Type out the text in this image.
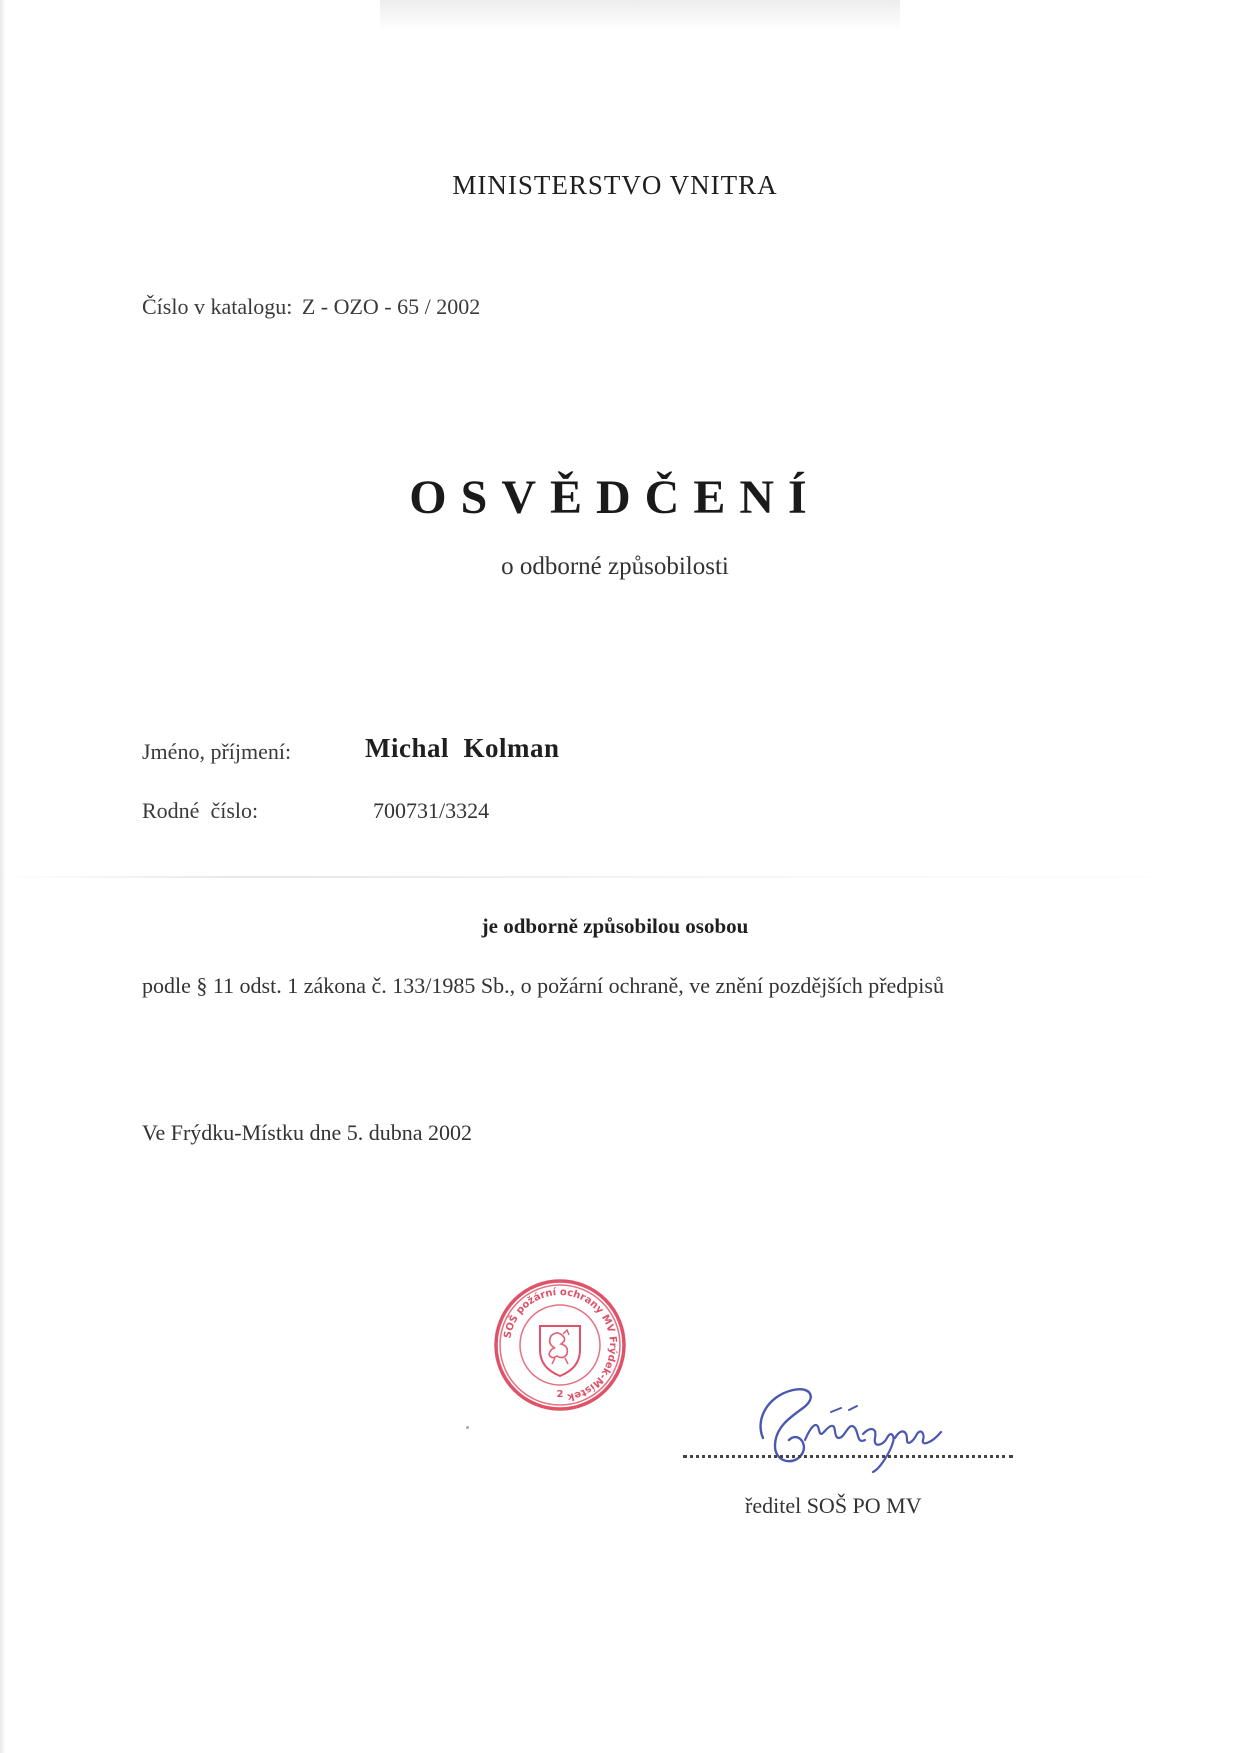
MINISTERSTVO VNITRA
Číslo v katalogu: Z - OZO - 65 / 2002
OSVĚDČENÍ
o odborné způsobilosti
Jméno, příjmení:	Michal  Kolman
Rodné  číslo:	700731/3324
je odborně způsobilou osobou
podle § 11 odst. 1 zákona č. 133/1985 Sb., o požární ochraně, ve znění pozdějších předpisů
Ve Frýdku-Místku dne 5. dubna 2002
SOŠ požární ochrany MV Frýdek-Místek
2
ředitel SOŠ PO MV
